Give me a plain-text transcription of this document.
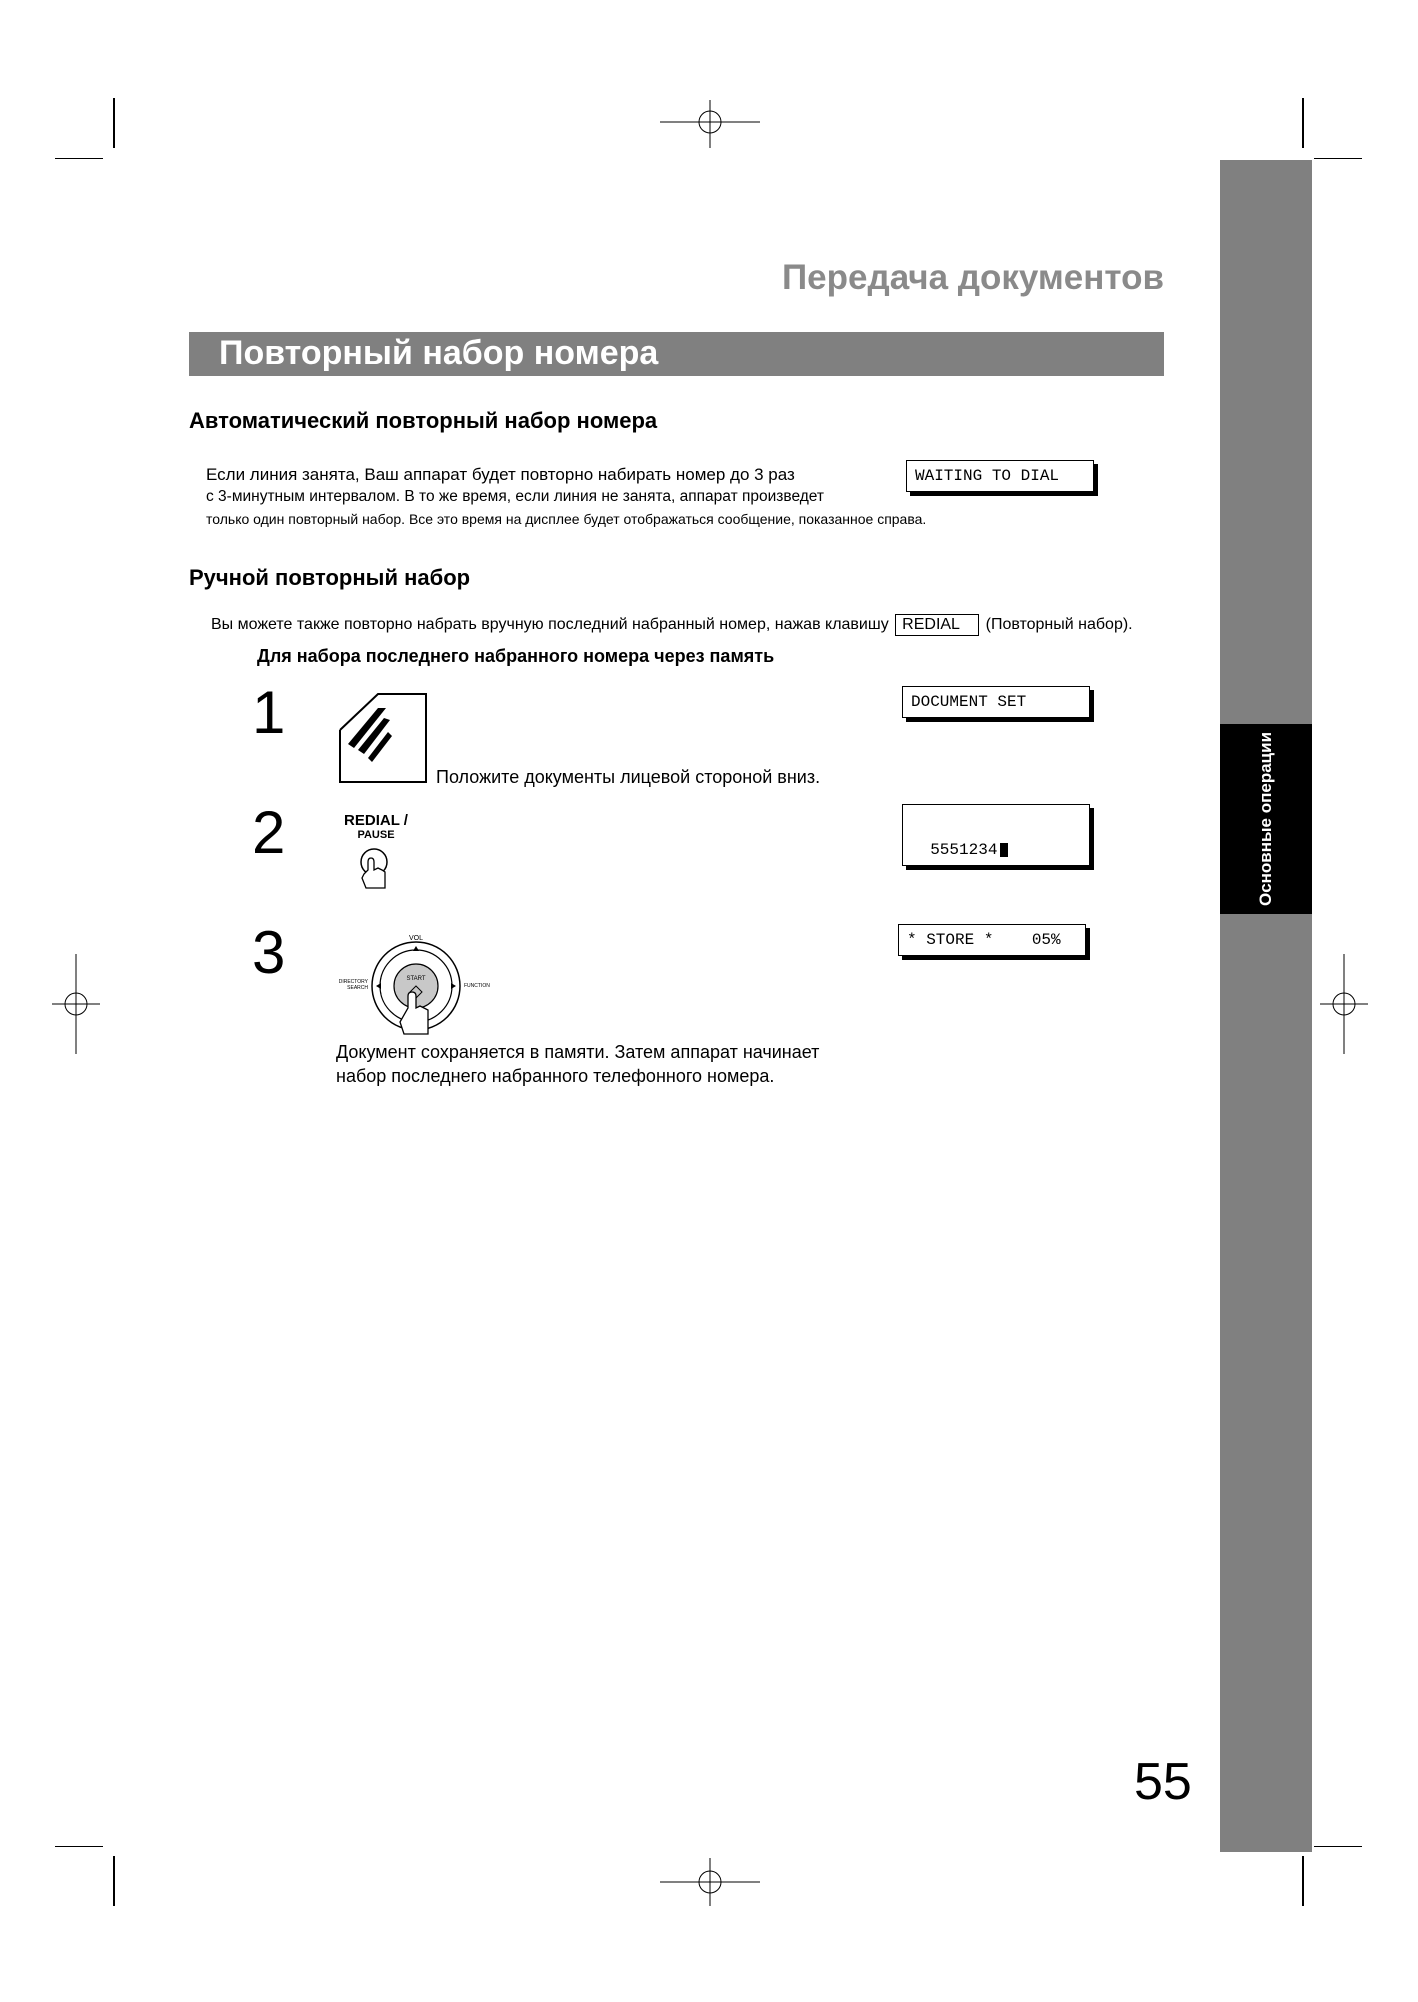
Основные операции
Передача документов
Повторный набор номера
Автоматический повторный набор номера
Если линия занята, Ваш аппарат будет повторно набирать номер до 3 раз
с 3-минутным интервалом. В то же время, если линия не занята, аппарат произведет
только один повторный набор. Все это время на дисплее будет отображаться сообщение, показанное справа.
WAITING TO DIAL
Ручной повторный набор
Вы можете также повторно набрать вручную последний набранный номер, нажав клавишу REDIAL (Повторный набор).
Для набора последнего набранного номера через память
1
Положите документы лицевой стороной вниз.
DOCUMENT SET
2	REDIAL /
PAUSE

5551234

3	VOL
START
DIRECTORY
SEARCH	FUNCTION
* STORE *    05%
Документ сохраняется в памяти. Затем аппарат начинает
набор последнего набранного телефонного номера.
55
